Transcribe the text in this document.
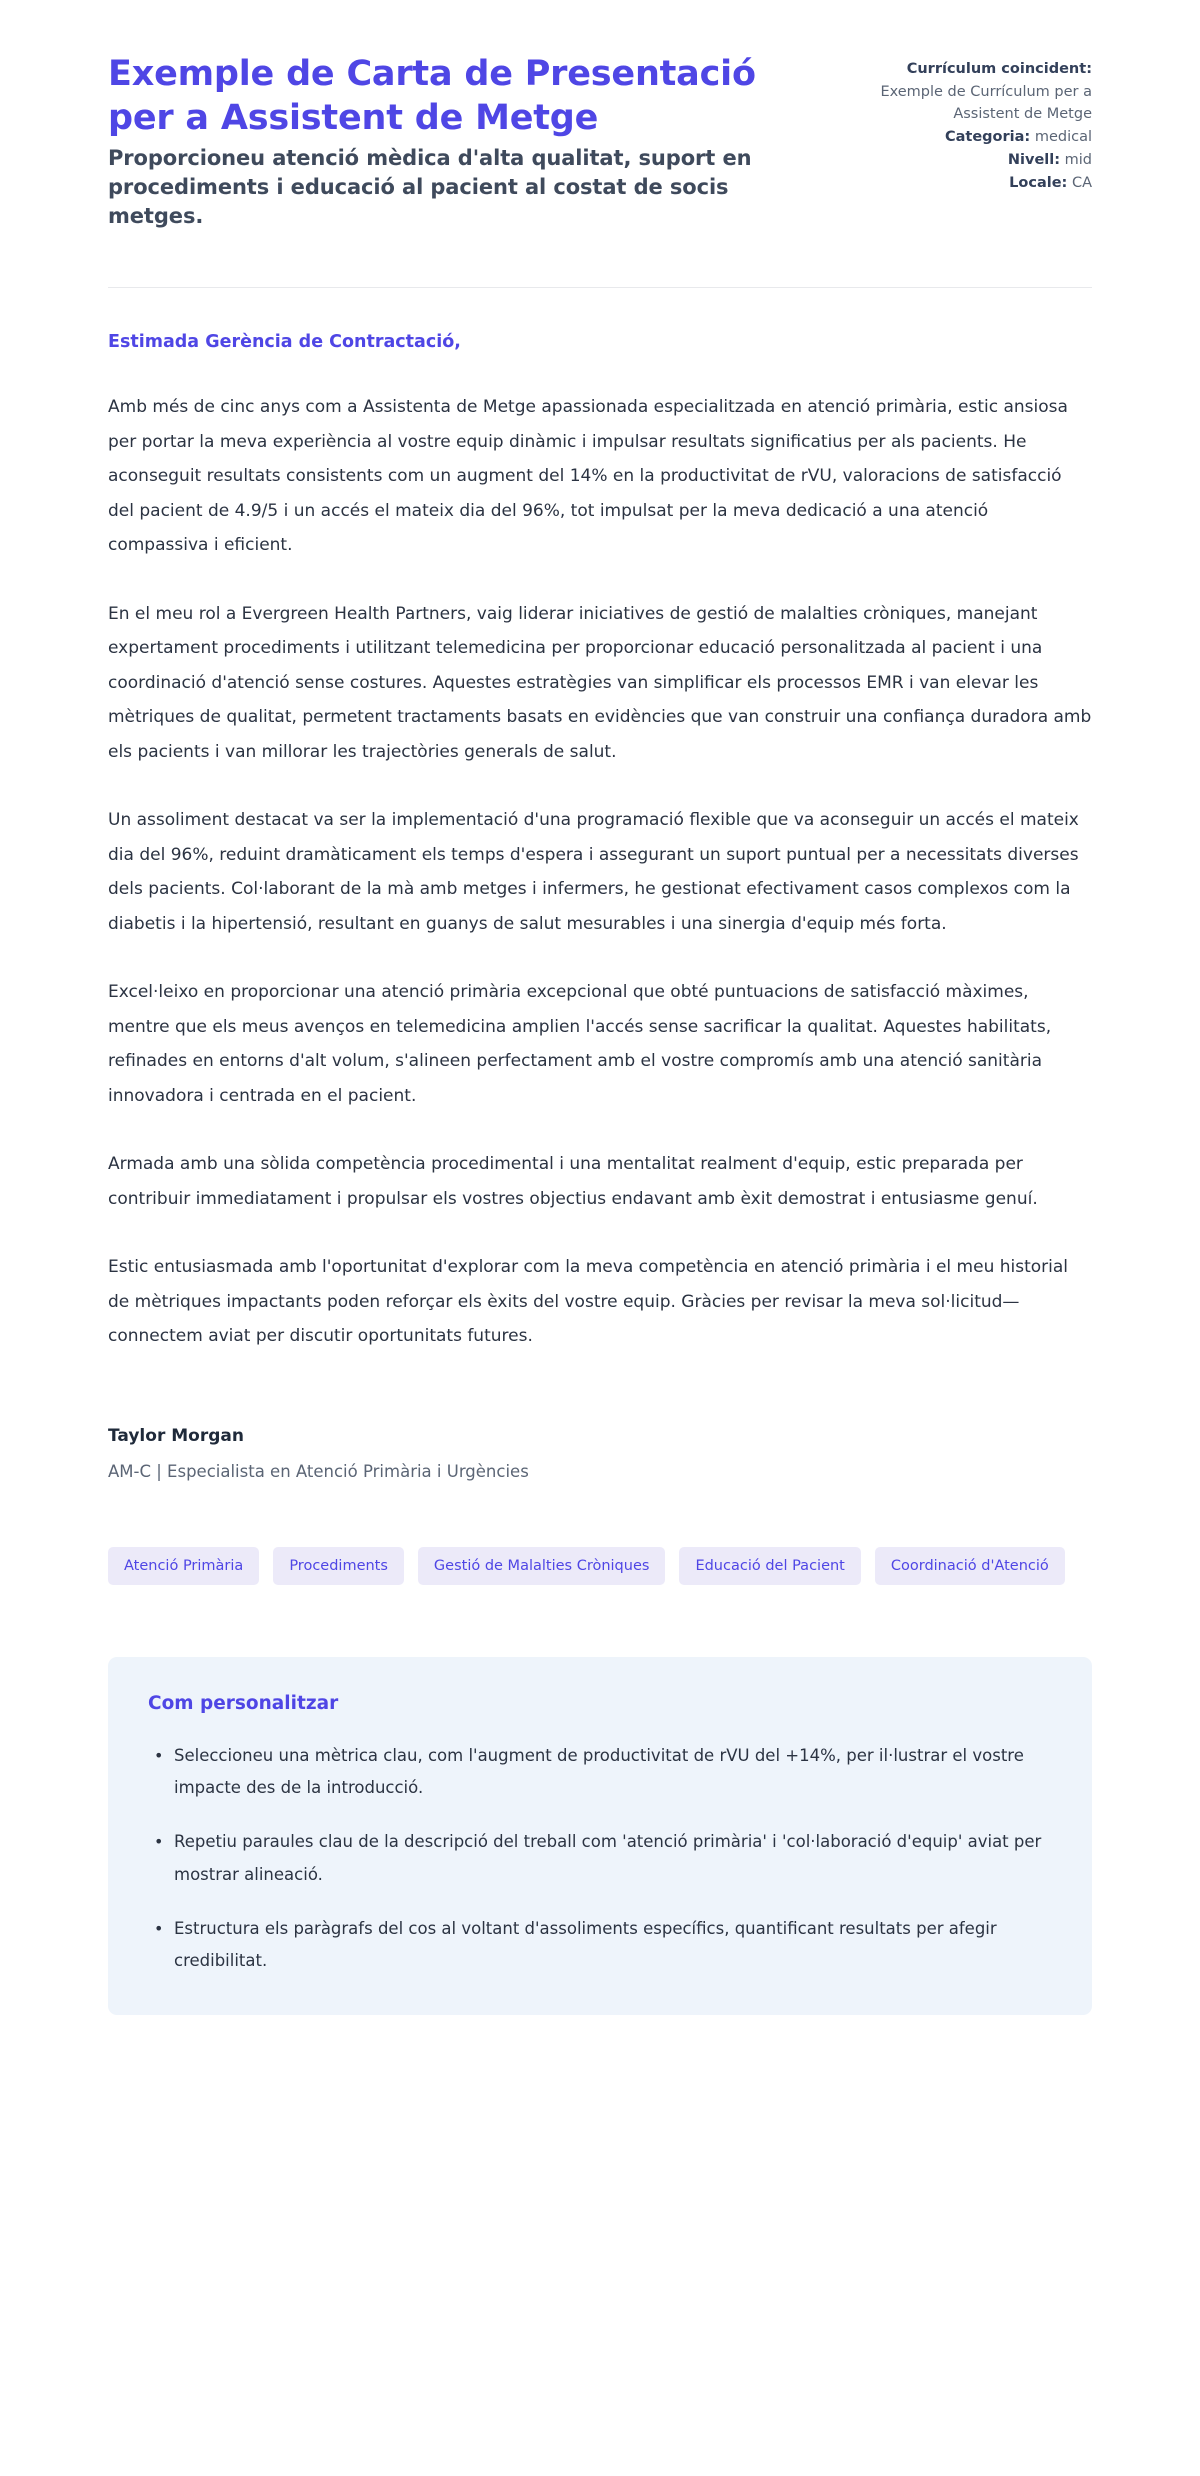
Exemple de Carta de Presentació per a Assistent de Metge

Proporcioneu atenció mèdica d'alta qualitat, suport en procediments i educació al pacient al costat de socis metges.

Currículum coincident:
Exemple de Currículum per a Assistent de Metge
Categoria: medical
Nivell: mid
Locale: CA

Estimada Gerència de Contractació,

Amb més de cinc anys com a Assistenta de Metge apassionada especialitzada en atenció primària, estic ansiosa per portar la meva experiència al vostre equip dinàmic i impulsar resultats significatius per als pacients. He aconseguit resultats consistents com un augment del 14% en la productivitat de rVU, valoracions de satisfacció del pacient de 4.9/5 i un accés el mateix dia del 96%, tot impulsat per la meva dedicació a una atenció compassiva i eficient.

En el meu rol a Evergreen Health Partners, vaig liderar iniciatives de gestió de malalties cròniques, manejant expertament procediments i utilitzant telemedicina per proporcionar educació personalitzada al pacient i una coordinació d'atenció sense costures. Aquestes estratègies van simplificar els processos EMR i van elevar les mètriques de qualitat, permetent tractaments basats en evidències que van construir una confiança duradora amb els pacients i van millorar les trajectòries generals de salut.

Un assoliment destacat va ser la implementació d'una programació flexible que va aconseguir un accés el mateix dia del 96%, reduint dramàticament els temps d'espera i assegurant un suport puntual per a necessitats diverses dels pacients. Col·laborant de la mà amb metges i infermers, he gestionat efectivament casos complexos com la diabetis i la hipertensió, resultant en guanys de salut mesurables i una sinergia d'equip més forta.

Excel·leixo en proporcionar una atenció primària excepcional que obté puntuacions de satisfacció màximes, mentre que els meus avenços en telemedicina amplien l'accés sense sacrificar la qualitat. Aquestes habilitats, refinades en entorns d'alt volum, s'alineen perfectament amb el vostre compromís amb una atenció sanitària innovadora i centrada en el pacient.

Armada amb una sòlida competència procedimental i una mentalitat realment d'equip, estic preparada per contribuir immediatament i propulsar els vostres objectius endavant amb èxit demostrat i entusiasme genuí.

Estic entusiasmada amb l'oportunitat d'explorar com la meva competència en atenció primària i el meu historial de mètriques impactants poden reforçar els èxits del vostre equip. Gràcies per revisar la meva sol·licitud—connectem aviat per discutir oportunitats futures.

Taylor Morgan

AM-C | Especialista en Atenció Primària i Urgències

Atenció Primària	Procediments	Gestió de Malalties Cròniques	Educació del Pacient	Coordinació d'Atenció
Com personalitzar
• Seleccioneu una mètrica clau, com l'augment de productivitat de rVU del +14%, per il·lustrar el vostre impacte des de la introducció.
• Repetiu paraules clau de la descripció del treball com 'atenció primària' i 'col·laboració d'equip' aviat per mostrar alineació.
• Estructura els paràgrafs del cos al voltant d'assoliments específics, quantificant resultats per afegir credibilitat.
